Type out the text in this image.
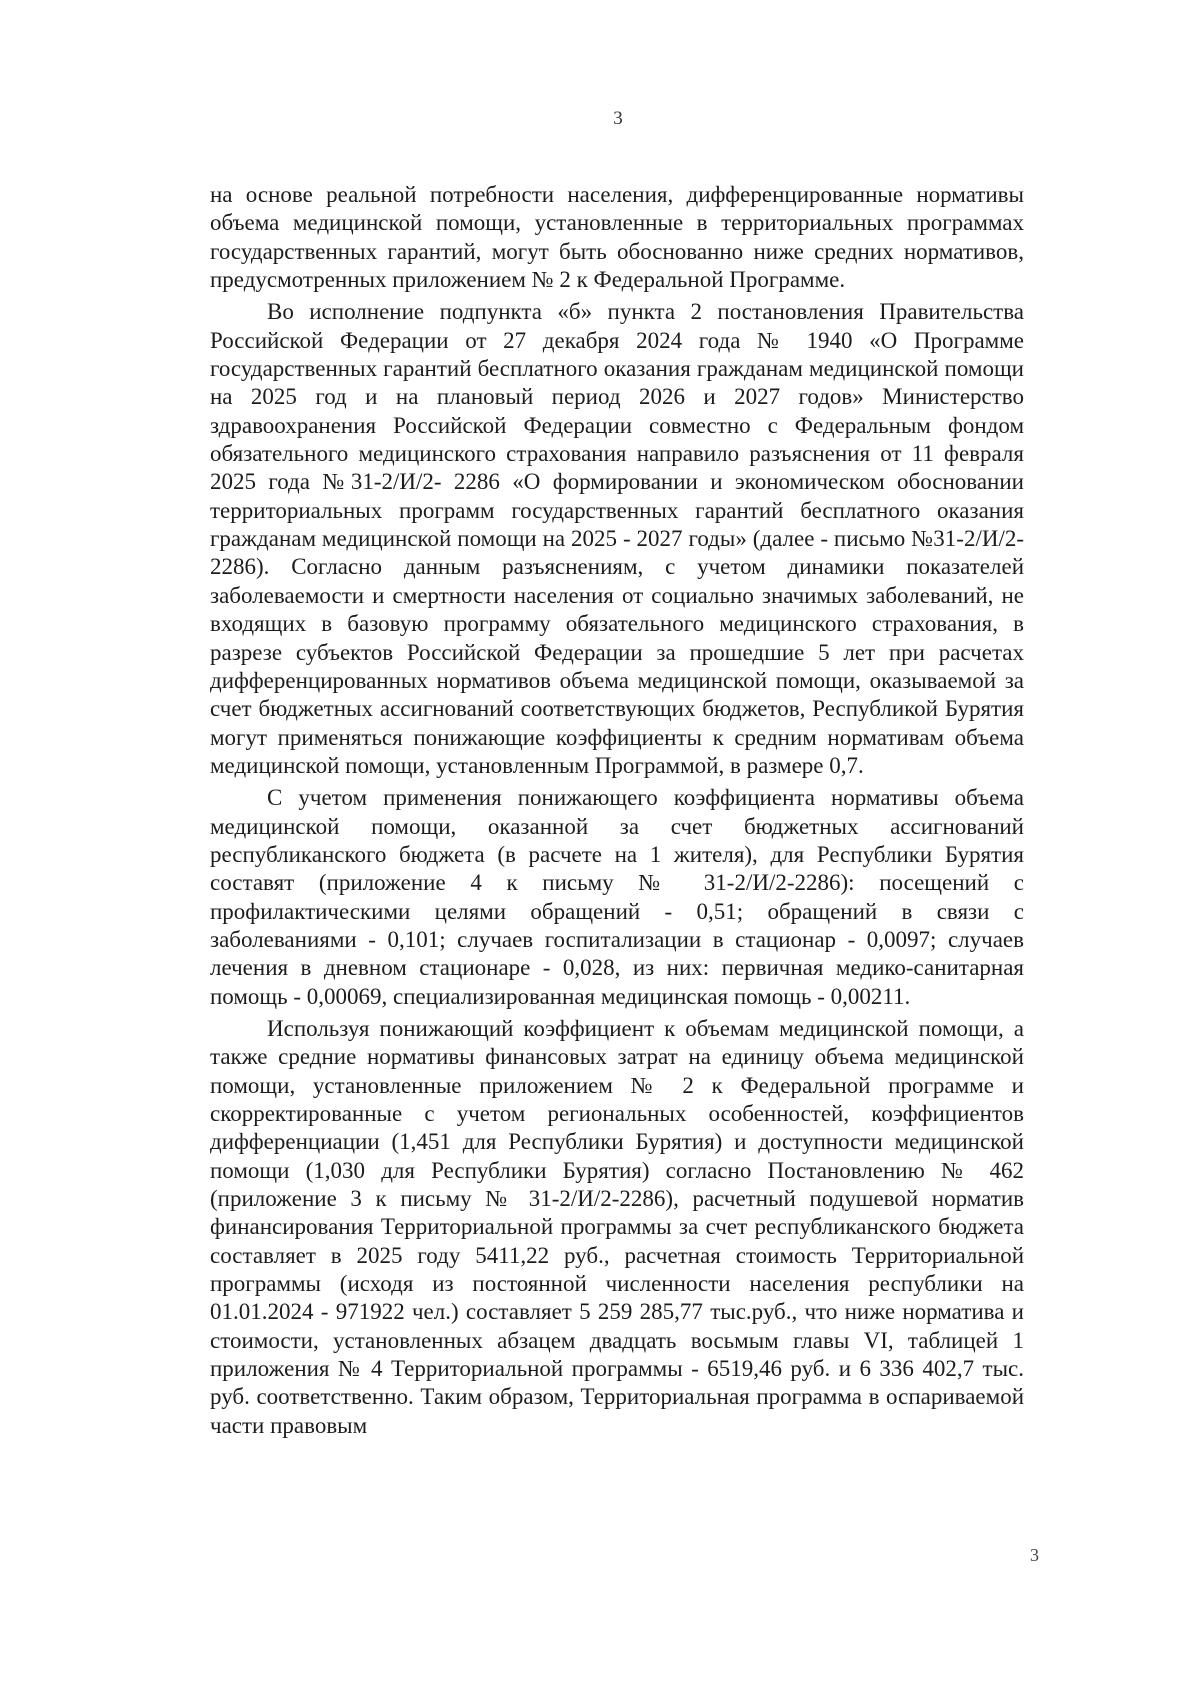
3

на основе реальной потребности населения, дифференцированные нормативы объема медицинской помощи, установленные в территориальных программах государственных гарантий, могут быть обоснованно ниже средних нормативов, предусмотренных приложением № 2 к Федеральной Программе.

Во исполнение подпункта «б» пункта 2 постановления Правительства Российской Федерации от 27 декабря 2024 года № 1940 «О Программе государственных гарантий бесплатного оказания гражданам медицинской помощи на 2025 год и на плановый период 2026 и 2027 годов» Министерство здравоохранения Российской Федерации совместно с Федеральным фондом обязательного медицинского страхования направило разъяснения от 11 февраля 2025 года №31-2/И/2- 2286 «О формировании и экономическом обосновании территориальных программ государственных гарантий бесплатного оказания гражданам медицинской помощи на 2025 - 2027 годы» (далее - письмо №31-2/И/2-2286). Согласно данным разъяснениям, с учетом динамики показателей заболеваемости и смертности населения от социально значимых заболеваний, не входящих в базовую программу обязательного медицинского страхования, в разрезе субъектов Российской Федерации за прошедшие 5 лет при расчетах дифференцированных нормативов объема медицинской помощи, оказываемой за счет бюджетных ассигнований соответствующих бюджетов, Республикой Бурятия могут применяться понижающие коэффициенты к средним нормативам объема медицинской помощи, установленным Программой, в размере 0,7.

С учетом применения понижающего коэффициента нормативы объема медицинской помощи, оказанной за счет бюджетных ассигнований республиканского бюджета (в расчете на 1 жителя), для Республики Бурятия составят (приложение 4 к письму № 31-2/И/2-2286): посещений с профилактическими целями обращений - 0,51; обращений в связи с заболеваниями - 0,101; случаев госпитализации в стационар - 0,0097; случаев лечения в дневном стационаре - 0,028, из них: первичная медико-санитарная помощь - 0,00069, специализированная медицинская помощь - 0,00211.

Используя понижающий коэффициент к объемам медицинской помощи, а также средние нормативы финансовых затрат на единицу объема медицинской помощи, установленные приложением № 2 к Федеральной программе и скорректированные с учетом региональных особенностей, коэффициентов дифференциации (1,451 для Республики Бурятия) и доступности медицинской помощи (1,030 для Республики Бурятия) согласно Постановлению № 462 (приложение 3 к письму № 31-2/И/2-2286), расчетный подушевой норматив финансирования Территориальной программы за счет республиканского бюджета составляет в 2025 году 5411,22 руб., расчетная стоимость Территориальной программы (исходя из постоянной численности населения республики на 01.01.2024 - 971922 чел.) составляет 5 259 285,77 тыс.руб., что ниже норматива и стоимости, установленных абзацем двадцать восьмым главы VI, таблицей 1 приложения № 4 Территориальной программы - 6519,46 руб. и 6 336 402,7 тыс. руб. соответственно. Таким образом, Территориальная программа в оспариваемой части правовым

3
